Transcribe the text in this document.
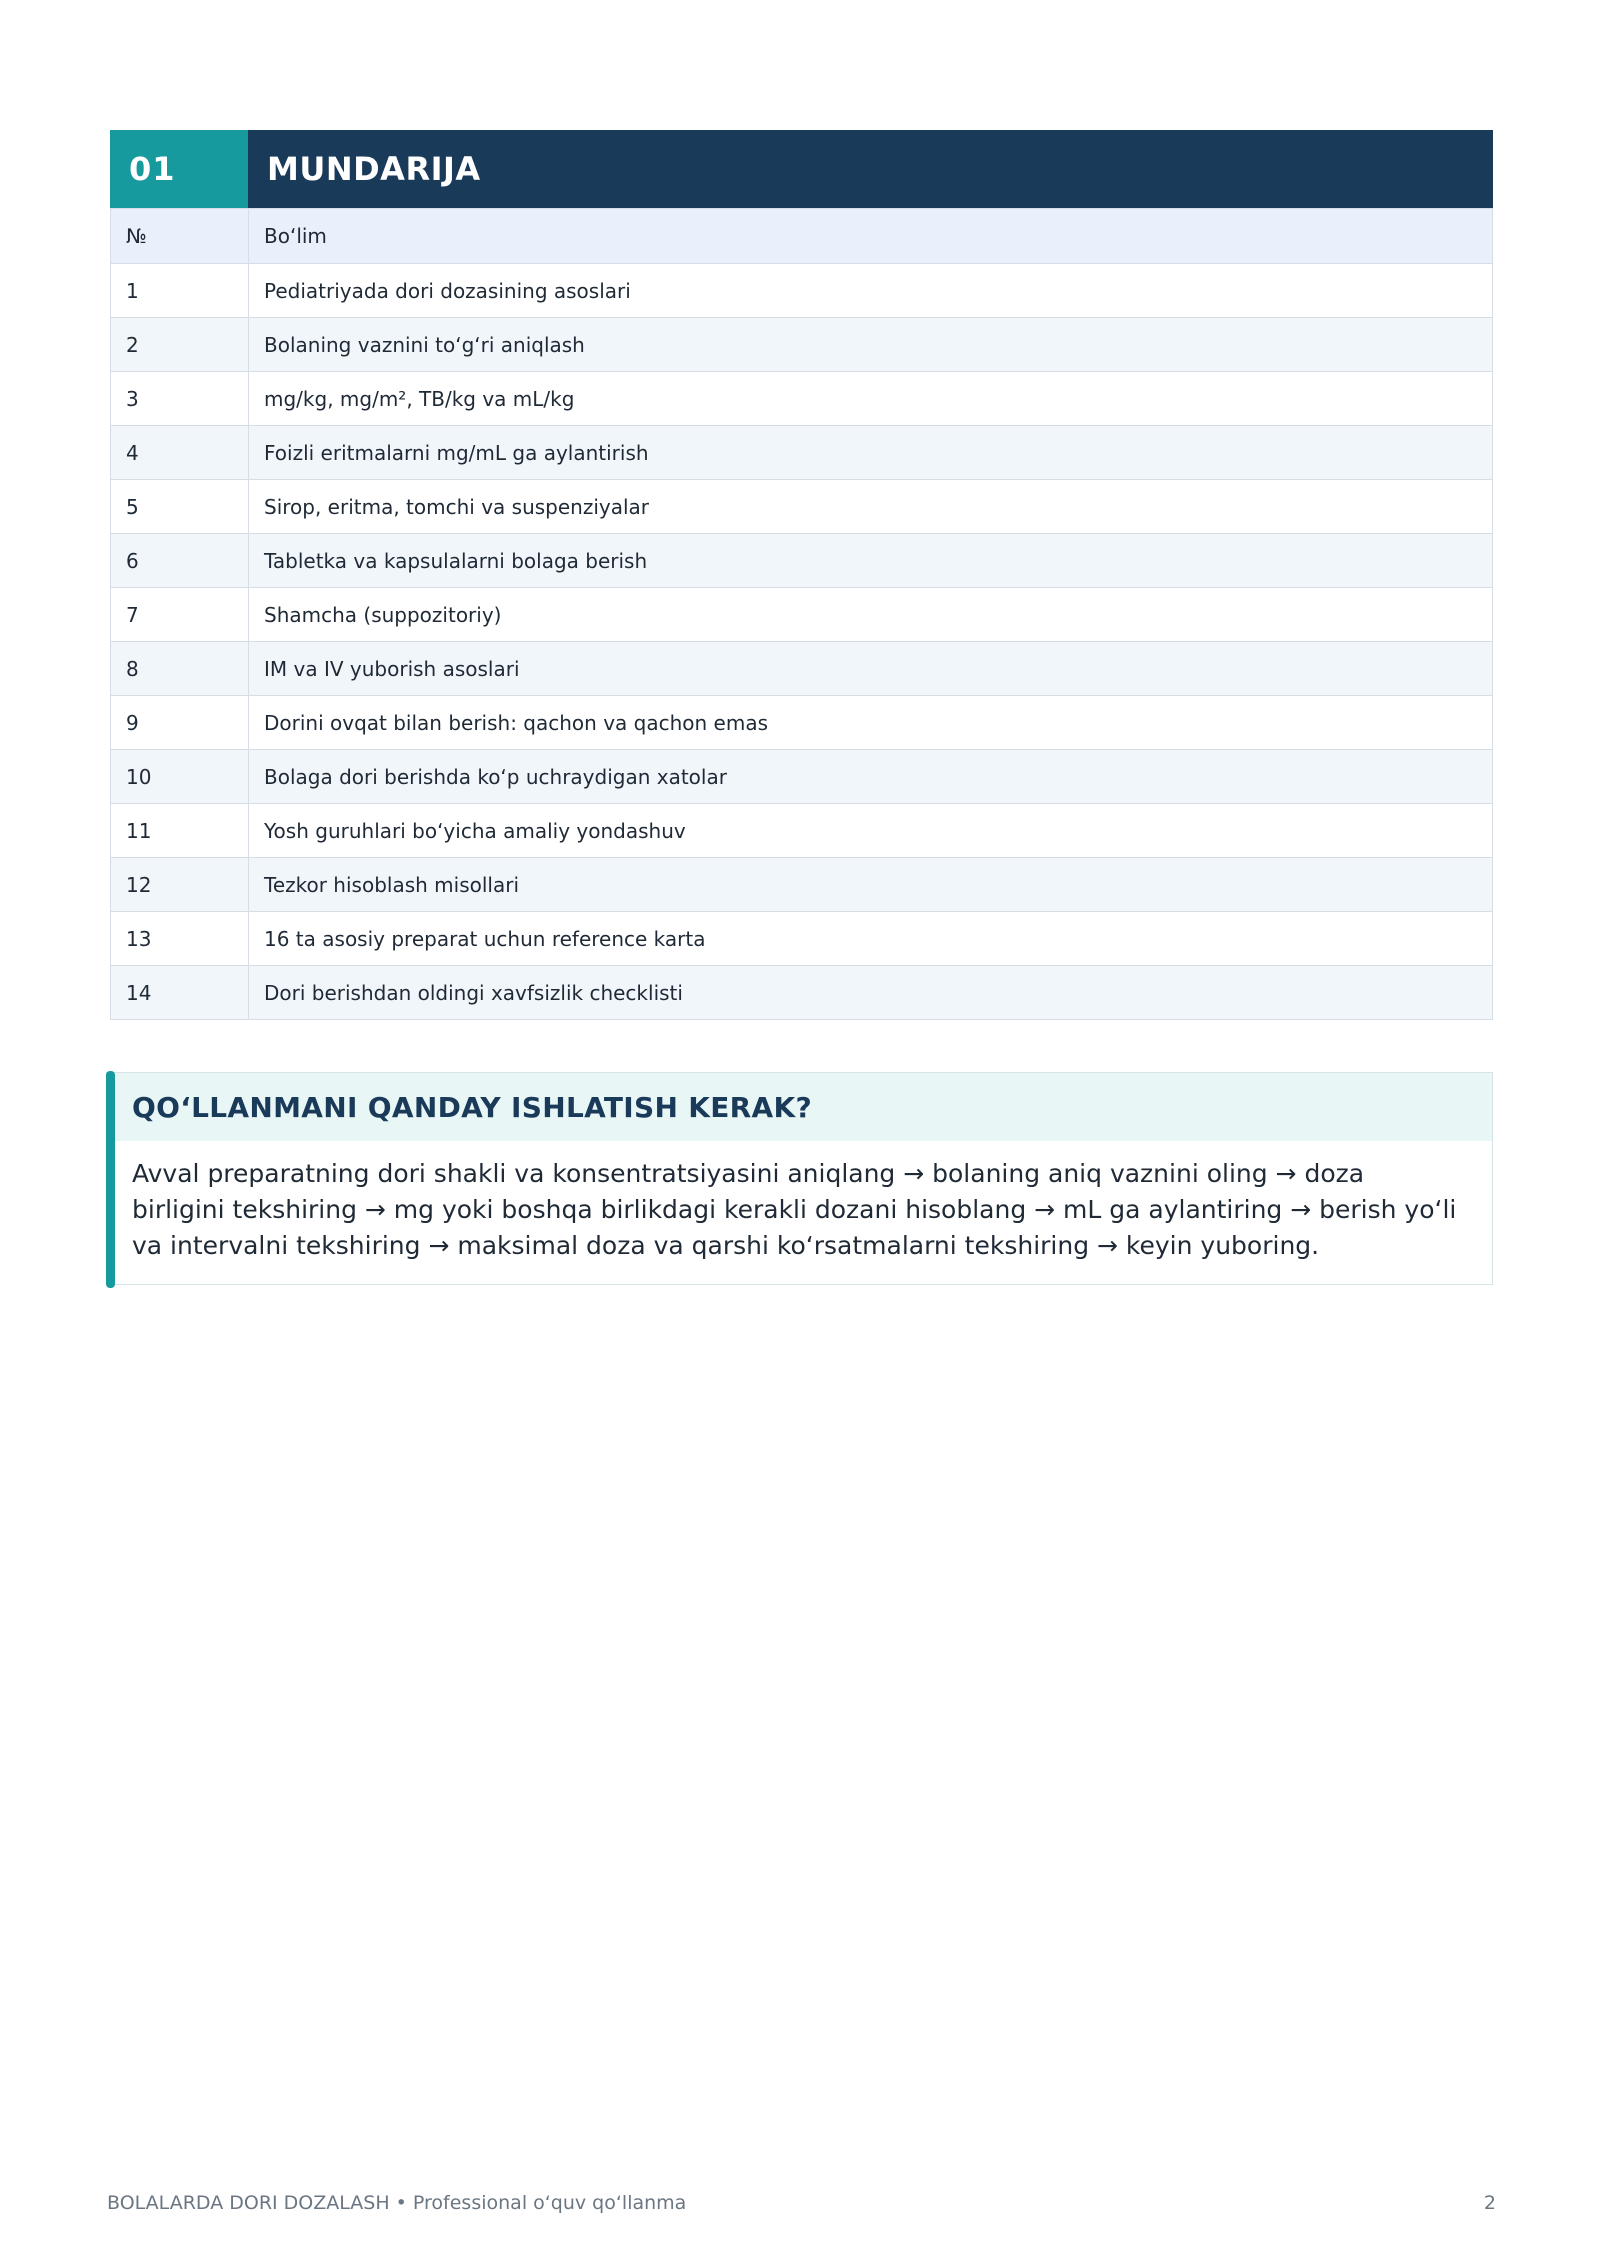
01	MUNDARIJA
№	Bo‘lim
1	Pediatriyada dori dozasining asoslari
2	Bolaning vaznini to‘g‘ri aniqlash
3	mg/kg, mg/m², TB/kg va mL/kg
4	Foizli eritmalarni mg/mL ga aylantirish
5	Sirop, eritma, tomchi va suspenziyalar
6	Tabletka va kapsulalarni bolaga berish
7	Shamcha (suppozitoriy)
8	IM va IV yuborish asoslari
9	Dorini ovqat bilan berish: qachon va qachon emas
10	Bolaga dori berishda ko‘p uchraydigan xatolar
11	Yosh guruhlari bo‘yicha amaliy yondashuv
12	Tezkor hisoblash misollari
13	16 ta asosiy preparat uchun reference karta
14	Dori berishdan oldingi xavfsizlik checklisti
QO‘LLANMANI QANDAY ISHLATISH KERAK?
Avval preparatning dori shakli va konsentratsiyasini aniqlang → bolaning aniq vaznini oling → doza birligini tekshiring → mg yoki boshqa birlikdagi kerakli dozani hisoblang → mL ga aylantiring → berish yo‘li va intervalni tekshiring → maksimal doza va qarshi ko‘rsatmalarni tekshiring → keyin yuboring.
BOLALARDA DORI DOZALASH • Professional o‘quv qo‘llanma	2
